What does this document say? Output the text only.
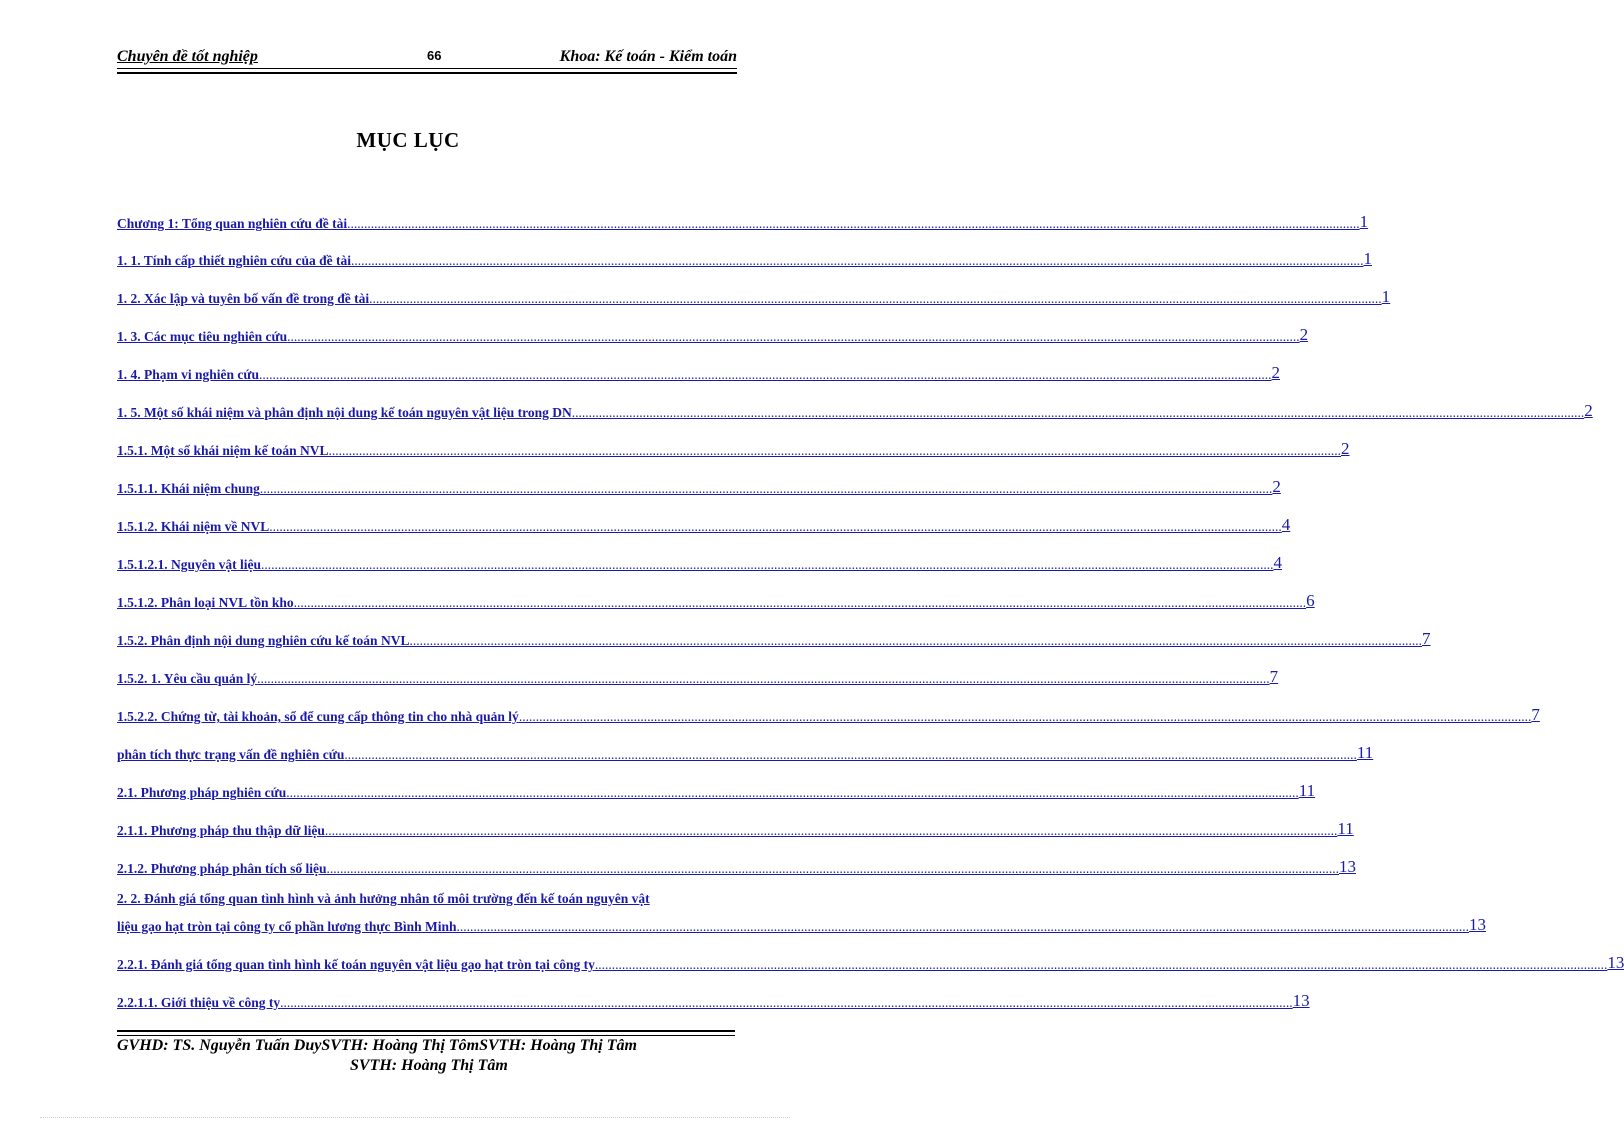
Chuyên đề tốt nghiệp	66	Khoa: Kế toán - Kiểm toán
MỤC LỤC
Chương 1: Tổng quan nghiên cứu đề tài ............................................................................................................................................................................................................................................................................................................ 1
1. 1. Tính cấp thiết nghiên cứu của đề tài ............................................................................................................................................................................................................................................................................................................ 1
1. 2. Xác lập và tuyên bố vấn đề trong đề tài ............................................................................................................................................................................................................................................................................................................ 1
1. 3. Các mục tiêu nghiên cứu ............................................................................................................................................................................................................................................................................................................ 2
1. 4. Phạm vi nghiên cứu ............................................................................................................................................................................................................................................................................................................ 2
1. 5. Một số khái niệm và phân định nội dung kế toán nguyên vật liệu trong DN ............................................................................................................................................................................................................................................................................................................ 2
1.5.1. Một số khái niệm kế toán NVL ............................................................................................................................................................................................................................................................................................................ 2
1.5.1.1. Khái niệm chung ............................................................................................................................................................................................................................................................................................................ 2
1.5.1.2. Khái niệm về NVL ............................................................................................................................................................................................................................................................................................................ 4
1.5.1.2.1. Nguyên vật liệu ............................................................................................................................................................................................................................................................................................................ 4
1.5.1.2. Phân loại NVL tồn kho ............................................................................................................................................................................................................................................................................................................ 6
1.5.2. Phân định nội dung nghiên cứu kế toán NVL ............................................................................................................................................................................................................................................................................................................ 7
1.5.2. 1. Yêu cầu quản lý ............................................................................................................................................................................................................................................................................................................ 7
1.5.2.2. Chứng từ, tài khoản, sổ để cung cấp thông tin cho nhà quản lý ............................................................................................................................................................................................................................................................................................................ 7
phân tích thực trạng vấn đề nghiên cứu ............................................................................................................................................................................................................................................................................................................ 11
2.1. Phương pháp nghiên cứu ............................................................................................................................................................................................................................................................................................................ 11
2.1.1. Phương pháp thu thập dữ liệu ............................................................................................................................................................................................................................................................................................................ 11
2.1.2. Phương pháp phân tích số liệu ............................................................................................................................................................................................................................................................................................................ 13
2. 2. Đánh giá tổng quan tình hình và ảnh hưởng nhân tố môi trường đến kế toán nguyên vật
liệu gạo hạt tròn tại công ty cổ phần lương thực Bình Minh ............................................................................................................................................................................................................................................................................................................ 13
2.2.1. Đánh giá tổng quan tình hình kế toán nguyên vật liệu gạo hạt tròn tại công ty ............................................................................................................................................................................................................................................................................................................ 13
2.2.1.1. Giới thiệu về công ty ............................................................................................................................................................................................................................................................................................................ 13
GVHD: TS. Nguyễn Tuấn DuySVTH: Hoàng Thị TômSVTH: Hoàng Thị Tâm
SVTH: Hoàng Thị Tâm
